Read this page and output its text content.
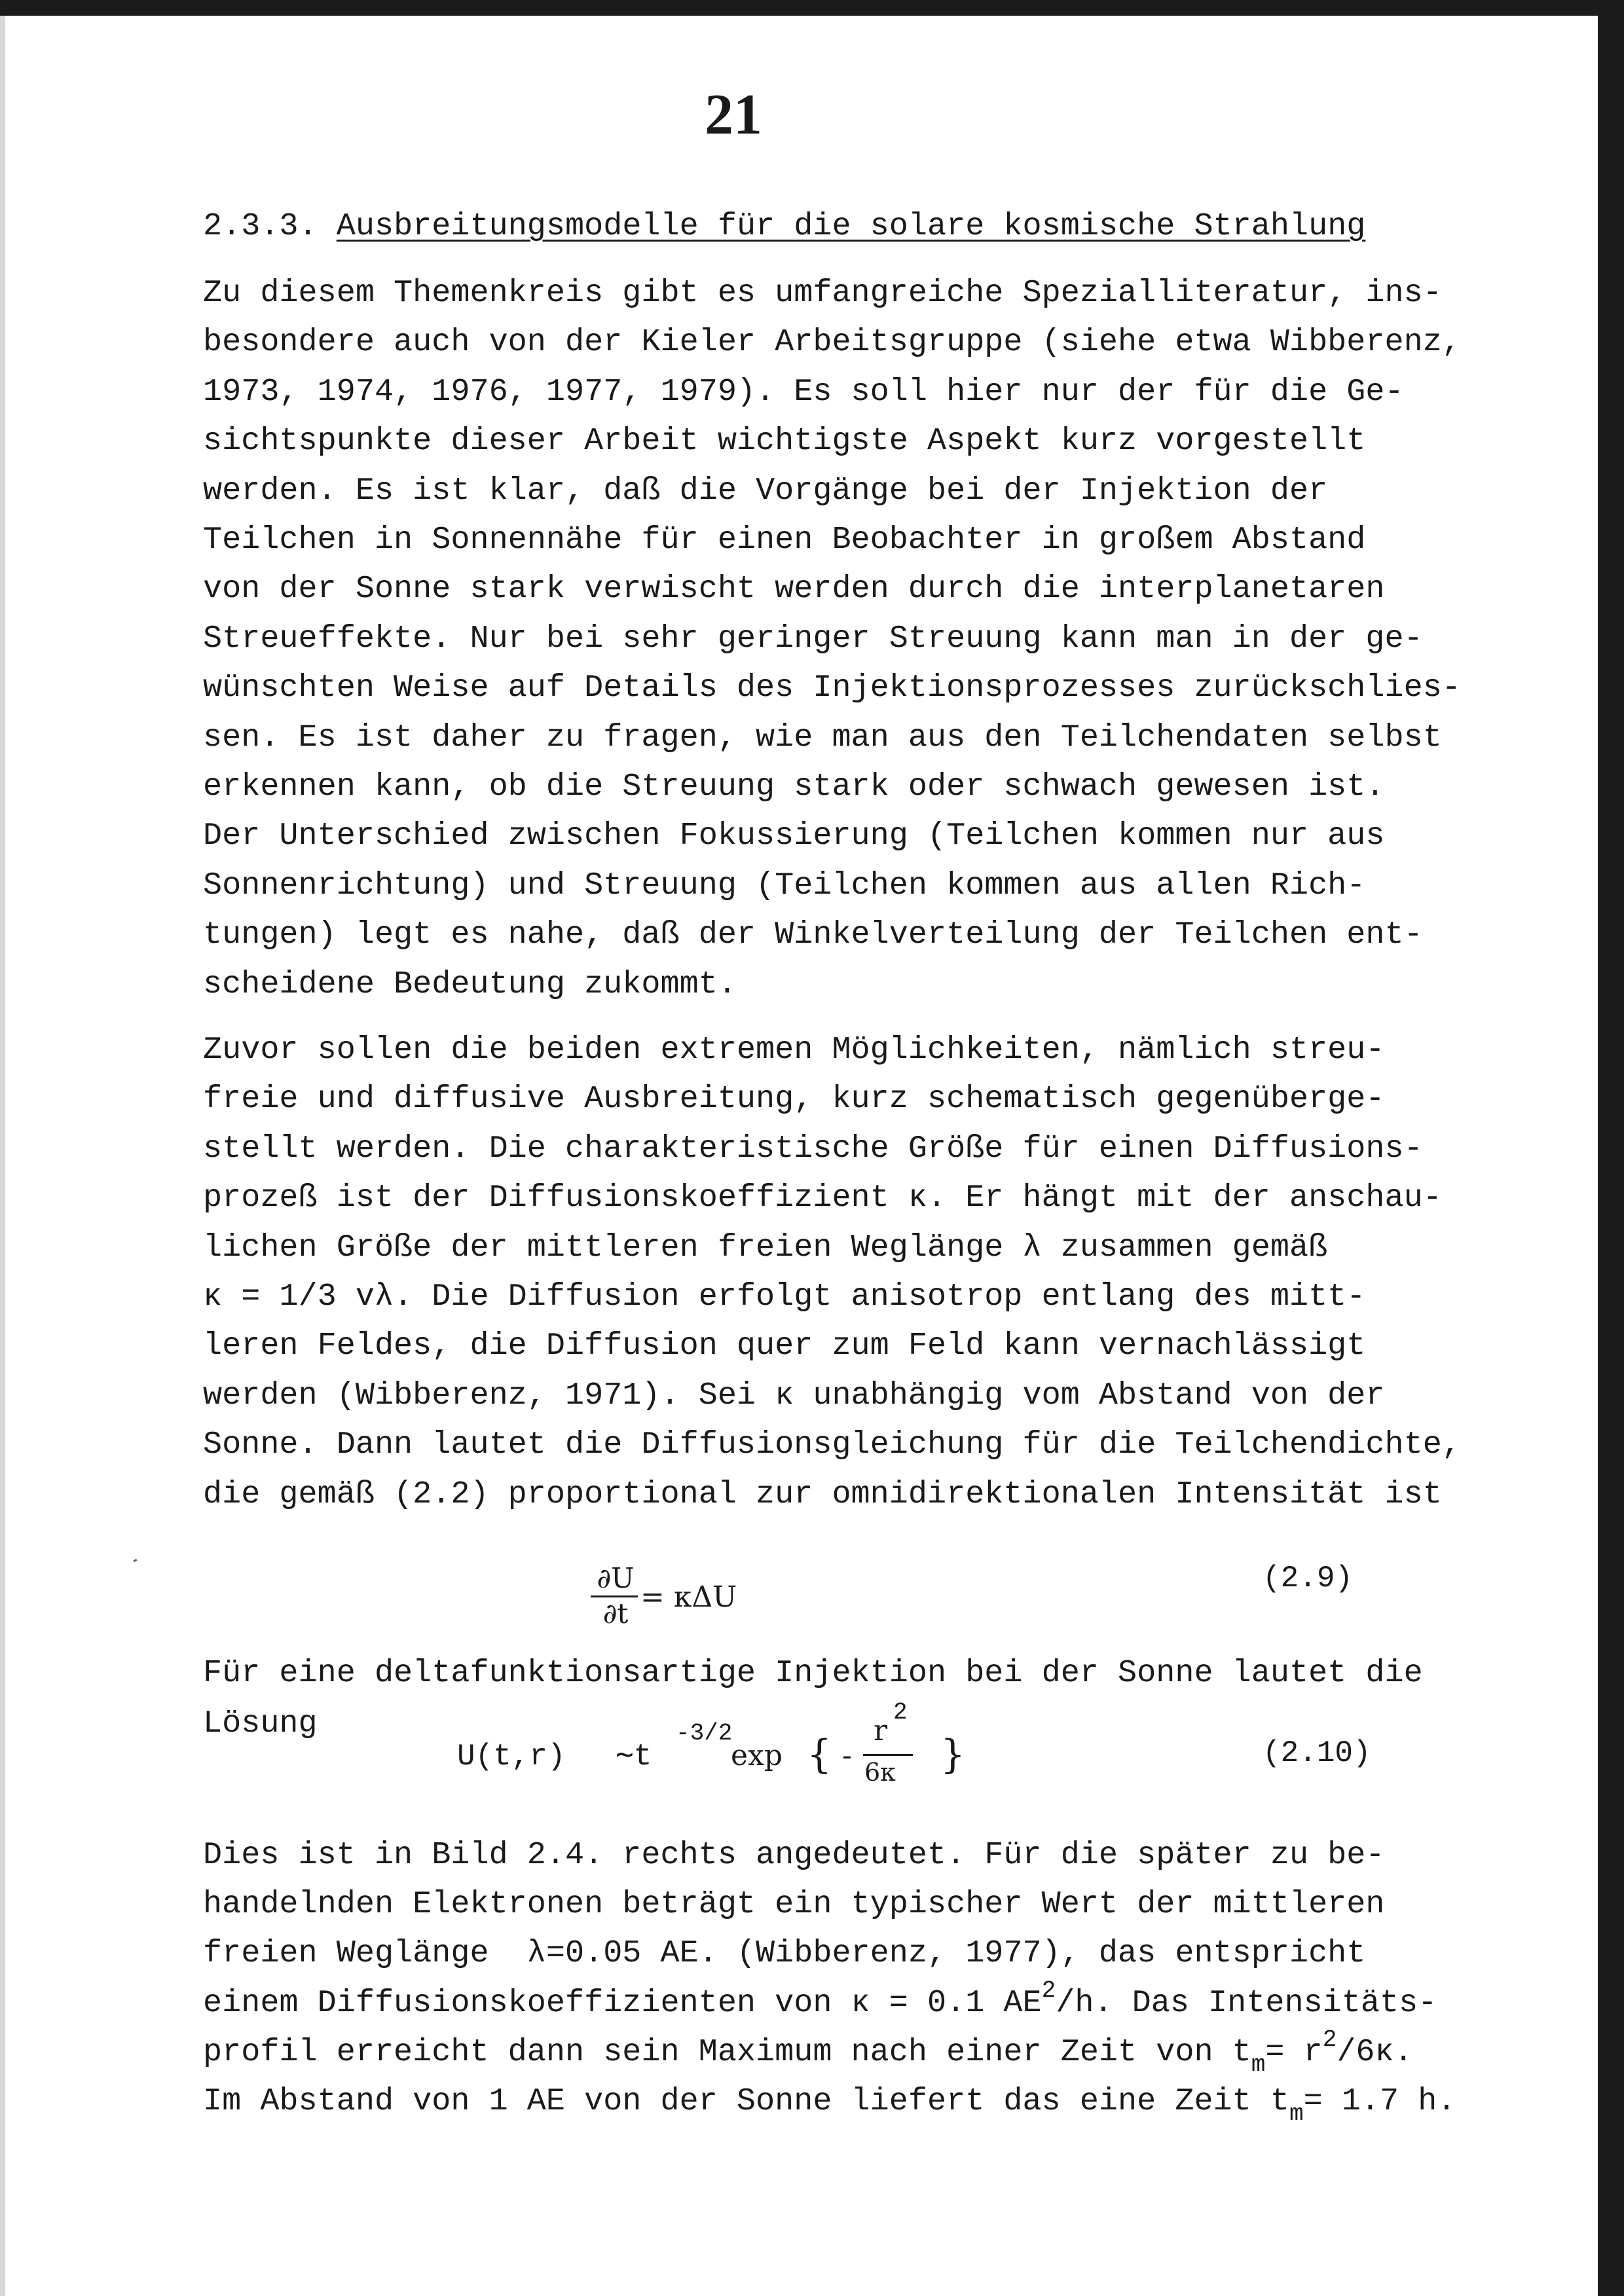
21
2.3.3. Ausbreitungsmodelle für die solare kosmische Strahlung
Zu diesem Themenkreis gibt es umfangreiche Spezialliteratur, ins-
besondere auch von der Kieler Arbeitsgruppe (siehe etwa Wibberenz,
1973, 1974, 1976, 1977, 1979). Es soll hier nur der für die Ge-
sichtspunkte dieser Arbeit wichtigste Aspekt kurz vorgestellt
werden. Es ist klar, daß die Vorgänge bei der Injektion der
Teilchen in Sonnennähe für einen Beobachter in großem Abstand
von der Sonne stark verwischt werden durch die interplanetaren
Streueffekte. Nur bei sehr geringer Streuung kann man in der ge-
wünschten Weise auf Details des Injektionsprozesses zurückschlies-
sen. Es ist daher zu fragen, wie man aus den Teilchendaten selbst
erkennen kann, ob die Streuung stark oder schwach gewesen ist.
Der Unterschied zwischen Fokussierung (Teilchen kommen nur aus
Sonnenrichtung) und Streuung (Teilchen kommen aus allen Rich-
tungen) legt es nahe, daß der Winkelverteilung der Teilchen ent-
scheidene Bedeutung zukommt.
Zuvor sollen die beiden extremen Möglichkeiten, nämlich streu-
freie und diffusive Ausbreitung, kurz schematisch gegenüberge-
stellt werden. Die charakteristische Größe für einen Diffusions-
prozeß ist der Diffusionskoeffizient κ. Er hängt mit der anschau-
lichen Größe der mittleren freien Weglänge λ zusammen gemäß
κ = 1/3 vλ. Die Diffusion erfolgt anisotrop entlang des mitt-
leren Feldes, die Diffusion quer zum Feld kann vernachlässigt
werden (Wibberenz, 1971). Sei κ unabhängig vom Abstand von der
Sonne. Dann lautet die Diffusionsgleichung für die Teilchendichte,
die gemäß (2.2) proportional zur omnidirektionalen Intensität ist
∂U
∂t = κΔU
(2.9)
Für eine deltafunktionsartige Injektion bei der Sonne lautet die
Lösung
U(t,r) ∼t
-3/2
exp { -
r
2
6κ }	(2.10)
Dies ist in Bild 2.4. rechts angedeutet. Für die später zu be-
handelnden Elektronen beträgt ein typischer Wert der mittleren
freien Weglänge  λ=0.05 AE. (Wibberenz, 1977), das entspricht
einem Diffusionskoeffizienten von κ = 0.1 $AE^2/h$. Das Intensitäts-
profil erreicht dann sein Maximum nach einer Zeit von $t_m= r^2/6\kappa$.
Im Abstand von 1 AE von der Sonne liefert das eine Zeit $t_m= 1.7$ h.
